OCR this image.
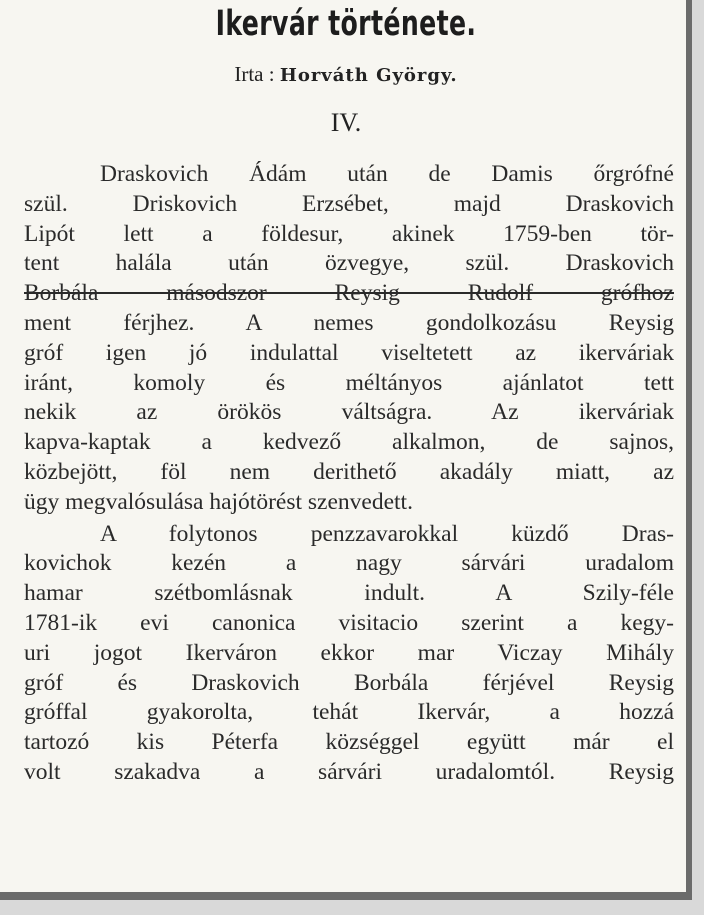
Ikervár története.
Irta : Horváth György.
IV.
Draskovich Ádám után de Damis őrgrófné
szül. Driskovich Erzsébet, majd Draskovich
Lipót lett a földesur, akinek 1759-ben tör-
tent halála után özvegye, szül. Draskovich
Borbála másodszor Reysig Rudolf grófhoz
ment férjhez. A nemes gondolkozásu Reysig
gróf igen jó indulattal viseltetett az ikerváriak
iránt, komoly és méltányos ajánlatot tett
nekik az örökös váltságra. Az ikerváriak
kapva-kaptak a kedvező alkalmon, de sajnos,
közbejött, föl nem derithető akadály miatt, az
ügy megvalósulása hajótörést szenvedett.
A folytonos penzzavarokkal küzdő Dras-
kovichok kezén a nagy sárvári uradalom
hamar szétbomlásnak indult. A Szily-féle
1781-ik evi canonica visitacio szerint a kegy-
uri jogot Ikerváron ekkor mar Viczay Mihály
gróf és Draskovich Borbála férjével Reysig
gróffal gyakorolta, tehát Ikervár, a hozzá
tartozó kis Péterfa községgel együtt már el
volt szakadva a sárvári uradalomtól. Reysig
